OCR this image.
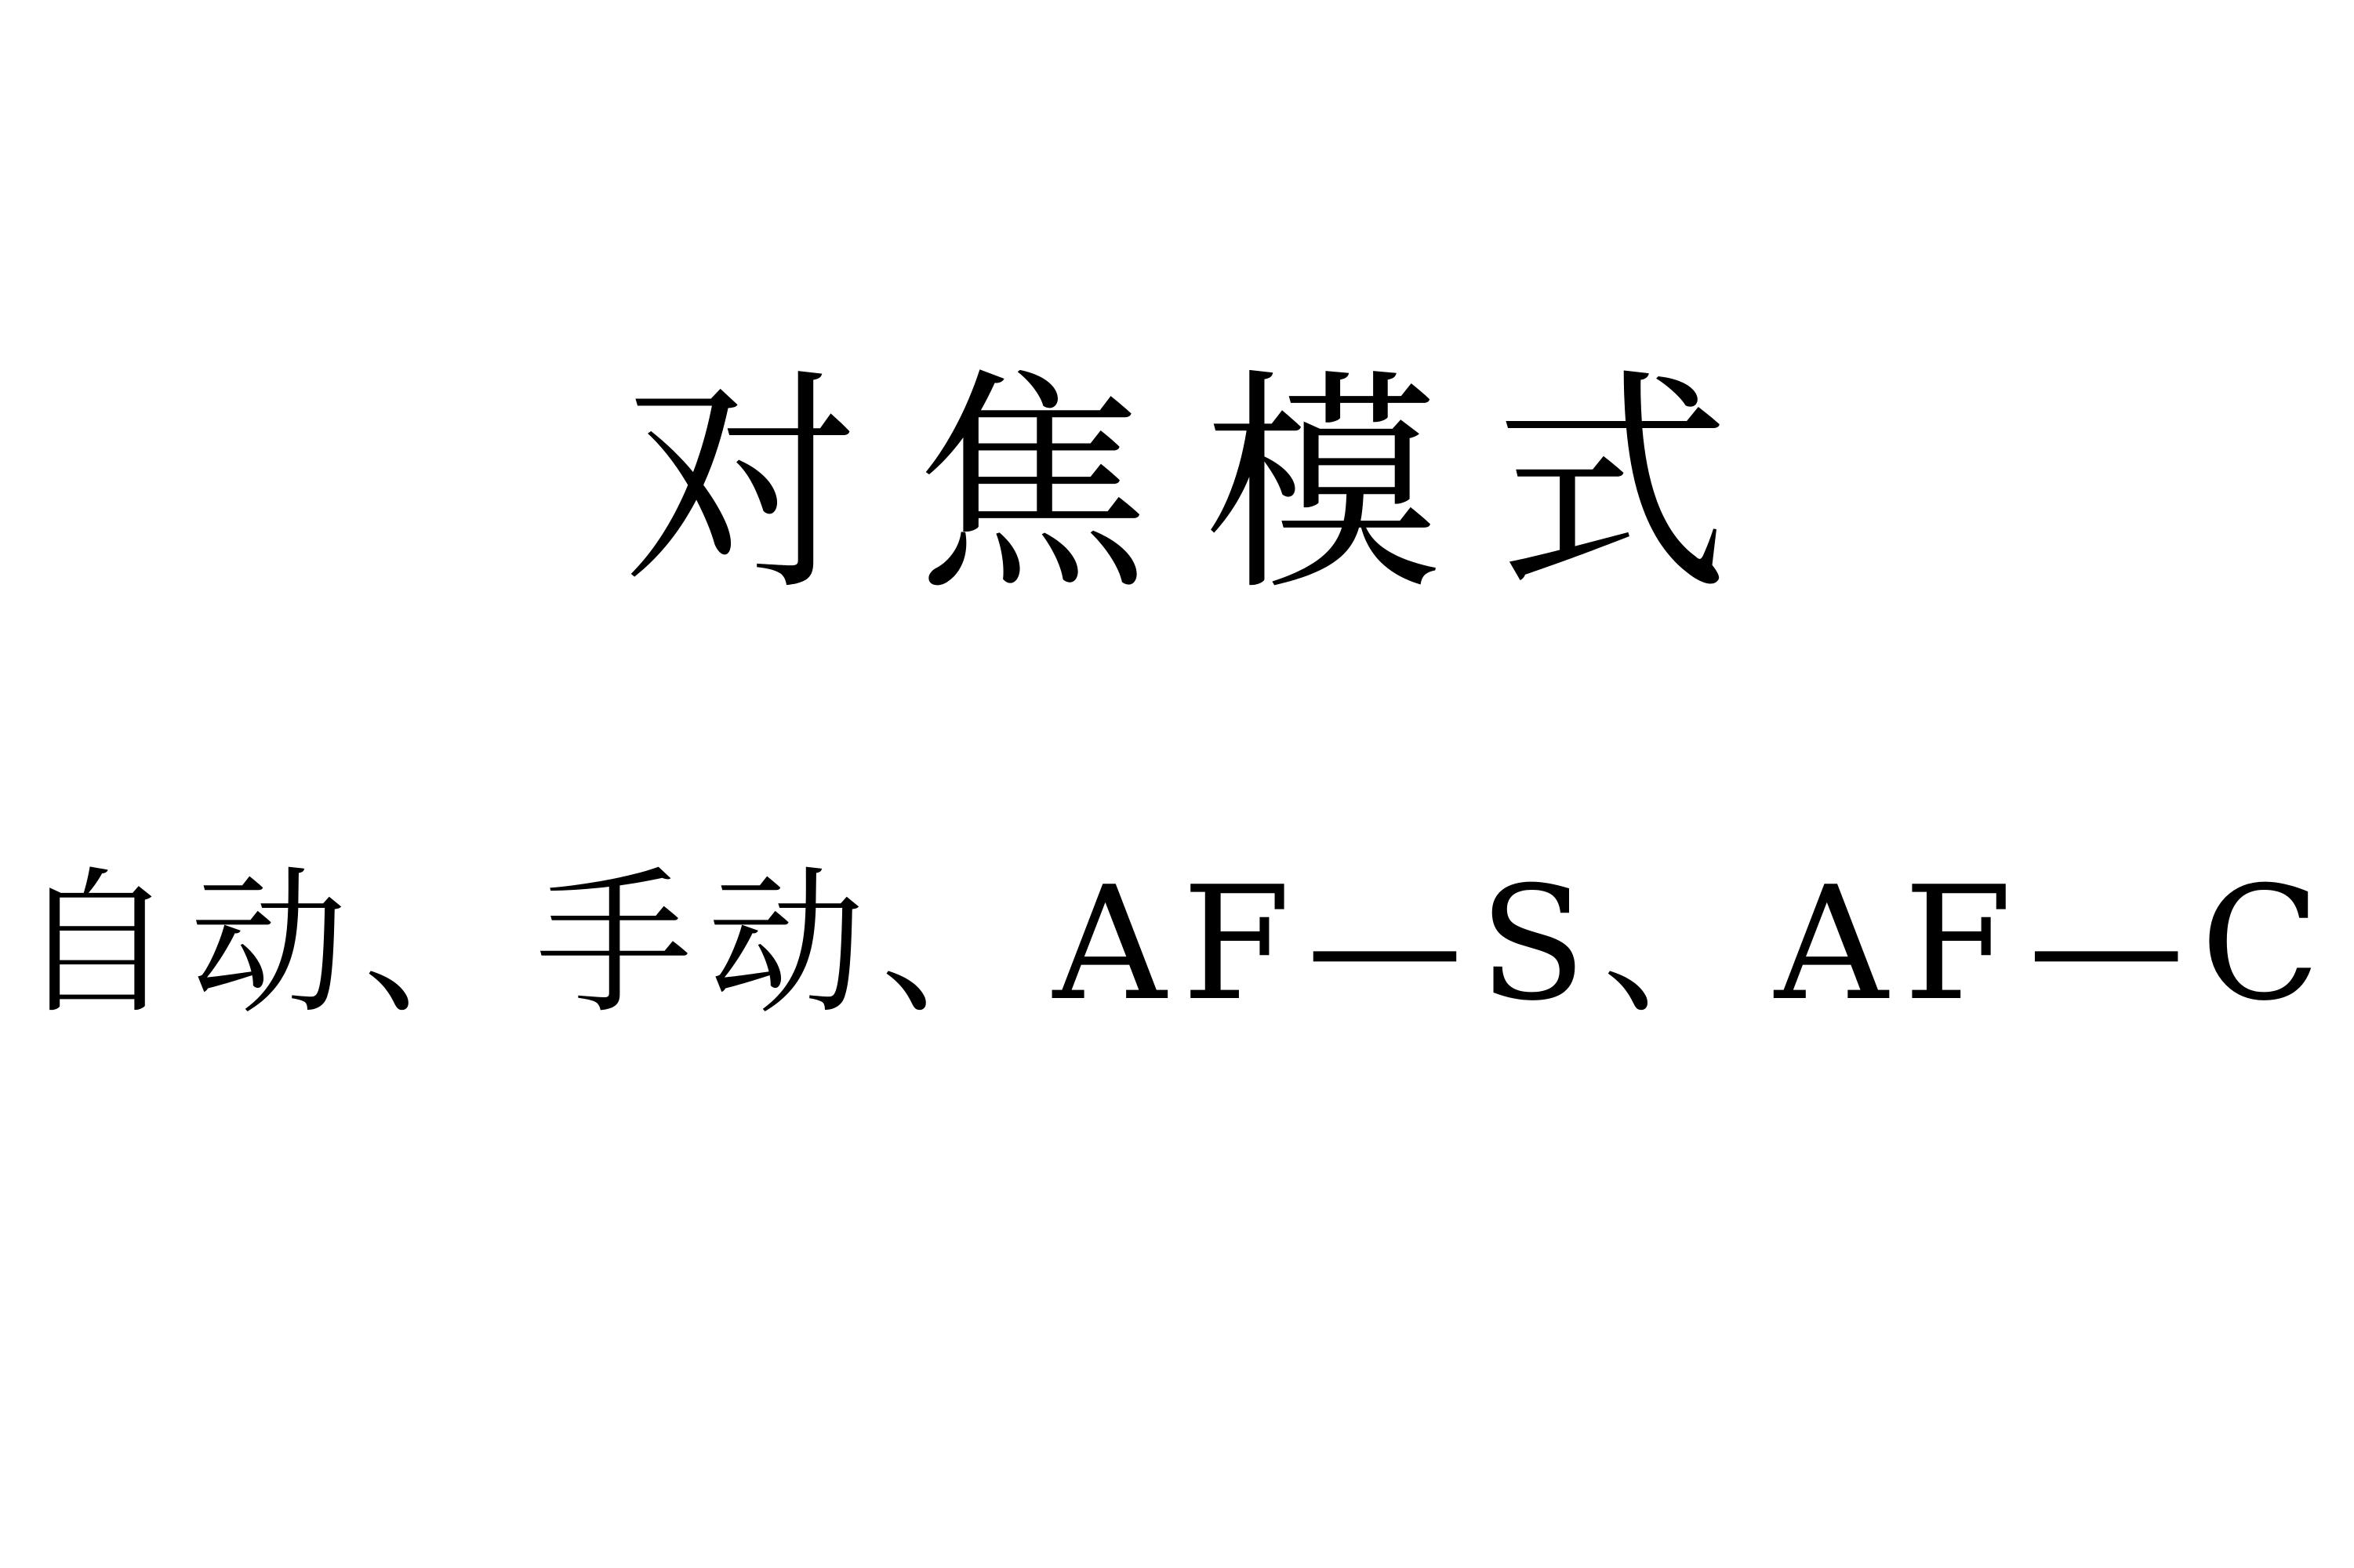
对焦模式
自动、手动、AF—S、AF—C
